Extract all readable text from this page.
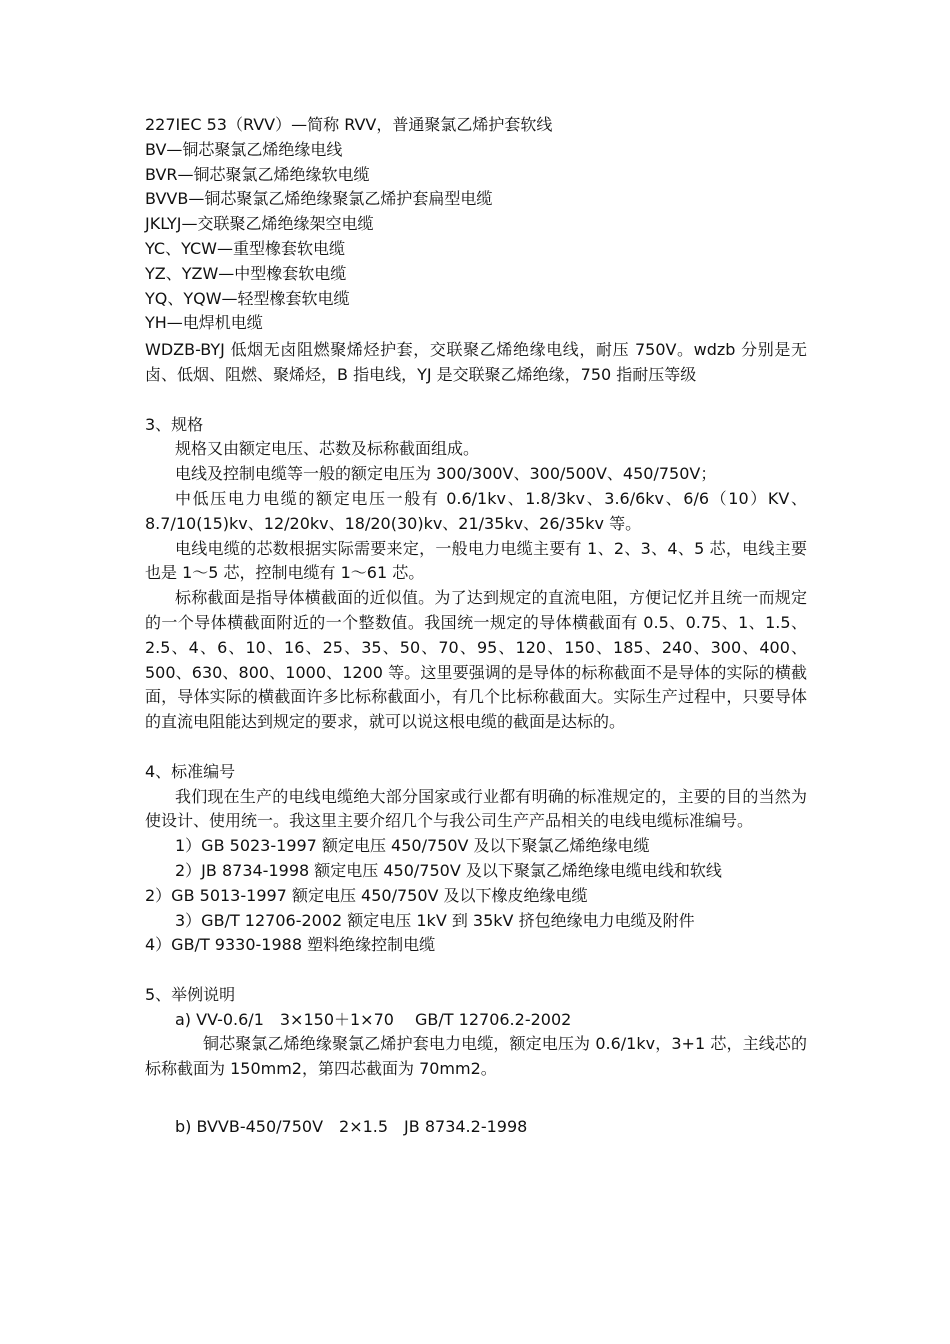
227IEC 53（RVV）—简称 RVV，普通聚氯乙烯护套软线
BV—铜芯聚氯乙烯绝缘电线
BVR—铜芯聚氯乙烯绝缘软电缆
BVVB—铜芯聚氯乙烯绝缘聚氯乙烯护套扁型电缆
JKLYJ—交联聚乙烯绝缘架空电缆
YC、YCW—重型橡套软电缆
YZ、YZW—中型橡套软电缆
YQ、YQW—轻型橡套软电缆
YH—电焊机电缆
WDZB-BYJ 低烟无卤阻燃聚烯烃护套，交联聚乙烯绝缘电线，耐压 750V。wdzb 分别是无卤、低烟、阻燃、聚烯烃，B 指电线，YJ 是交联聚乙烯绝缘，750 指耐压等级
3、规格
规格又由额定电压、芯数及标称截面组成。
电线及控制电缆等一般的额定电压为 300/300V、300/500V、450/750V；
中低压电力电缆的额定电压一般有 0.6/1kv、1.8/3kv、3.6/6kv、6/6（10）KV、8.7/10(15)kv、12/20kv、18/20(30)kv、21/35kv、26/35kv 等。
电线电缆的芯数根据实际需要来定，一般电力电缆主要有 1、2、3、4、5 芯，电线主要也是 1～5 芯，控制电缆有 1～61 芯。
标称截面是指导体横截面的近似值。为了达到规定的直流电阻，方便记忆并且统一而规定的一个导体横截面附近的一个整数值。我国统一规定的导体横截面有 0.5、0.75、1、1.5、2.5、4、6、10、16、25、35、50、70、95、120、150、185、240、300、400、500、630、800、1000、1200 等。这里要强调的是导体的标称截面不是导体的实际的横截面，导体实际的横截面许多比标称截面小，有几个比标称截面大。实际生产过程中，只要导体的直流电阻能达到规定的要求，就可以说这根电缆的截面是达标的。
4、标准编号
我们现在生产的电线电缆绝大部分国家或行业都有明确的标准规定的，主要的目的当然为使设计、使用统一。我这里主要介绍几个与我公司生产产品相关的电线电缆标准编号。
1）GB 5023-1997 额定电压 450/750V 及以下聚氯乙烯绝缘电缆
2）JB 8734-1998 额定电压 450/750V 及以下聚氯乙烯绝缘电缆电线和软线
2）GB 5013-1997 额定电压 450/750V 及以下橡皮绝缘电缆
3）GB/T 12706-2002 额定电压 1kV 到 35kV 挤包绝缘电力电缆及附件
4）GB/T 9330-1988 塑料绝缘控制电缆
5、举例说明
a) VV-0.6/1　3×150＋1×70　 GB/T 12706.2-2002
铜芯聚氯乙烯绝缘聚氯乙烯护套电力电缆，额定电压为 0.6/1kv，3+1 芯，主线芯的标称截面为 150mm2，第四芯截面为 70mm2。
b) BVVB-450/750V　2×1.5　JB 8734.2-1998
